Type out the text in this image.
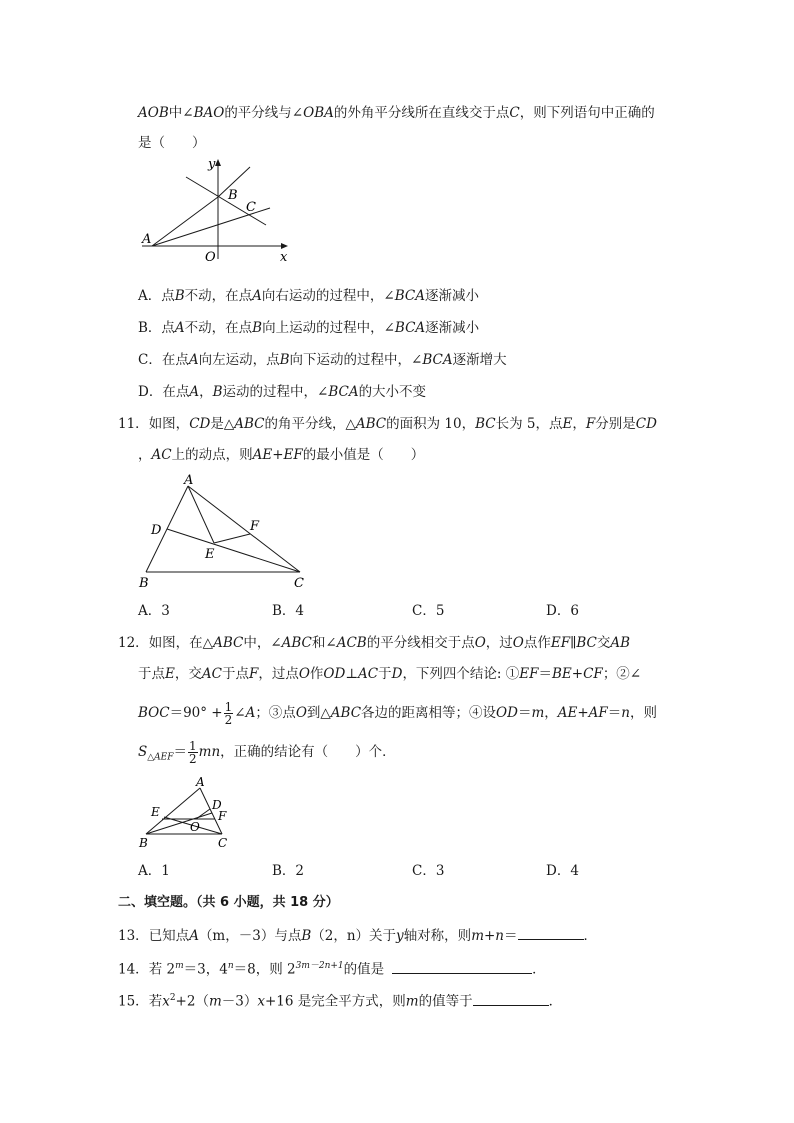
AOB中∠BAO的平分线与∠OBA的外角平分线所在直线交于点C，则下列语句中正确的
是（　　）
y
x
A
B
C
O
A．点B不动，在点A向右运动的过程中，∠BCA逐渐减小
B．点A不动，在点B向上运动的过程中，∠BCA逐渐减小
C．在点A向左运动，点B向下运动的过程中，∠BCA逐渐增大
D．在点A，B运动的过程中，∠BCA的大小不变
11．如图，CD是△ABC的角平分线，△ABC的面积为 10，BC长为 5，点E，F分别是CD
，AC上的动点，则AE+EF的最小值是（　　）
A
B	C
D
E
F
A．3	B．4	C．5	D．6
12．如图，在△ABC中，∠ABC和∠ACB的平分线相交于点O，过O点作EF∥BC交AB
于点E，交AC于点F，过点O作OD⊥AC于D，下列四个结论: ①EF＝BE+CF；②∠
$BOC=90^\circ + \frac{1}{2}$ ∠A；③点O到△ABC各边的距离相等；④设OD＝m，AE+AF＝n，则
$S_{\triangle AEF}= \frac{1}{2}$ mn，正确的结论有（　　）个．
A
B	C
D
E	F
O
A．1	B．2	C．3	D．4
二、填空题。（共 6 小题，共 18 分）
13．已知点A（m，－3）与点B（2，n）关于y轴对称，则m+n＝	．
14．若 $2^m=3$，$4^n=8$，则 $2^{3m-2n+1}$的值是	．
15．若$x^2+2(m-3)x+16$ 是完全平方式，则m的值等于	．
